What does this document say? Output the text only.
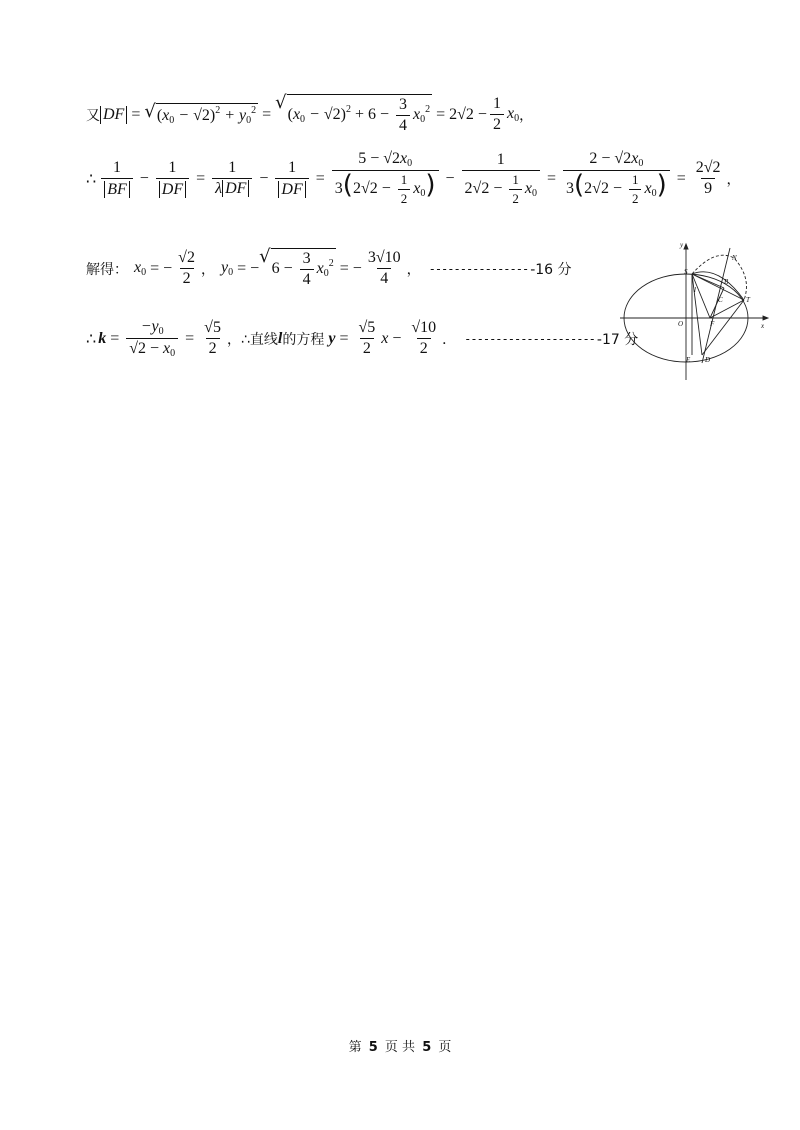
又 DF = √ $(x_0 - √2)^2 + y_0^2$ =
√
$(x_0 - √2)^2 + 6 - \frac{3}{4} x_0^2 = 2√2 - \frac{1}{2} x_0$ ，
∴
1
BF
− $\frac{1}{DF}$ =
1
λ DF
− $\frac{1}{DF} = \frac{5 - √2x_0}{3(2√2 - \frac{1}{2} x_0)} - \frac{1}{2√2 - \frac{1}{2} x_0} = \frac{2 - √2x_0}{3(2√2 - \frac{1}{2} x_0)} = \frac{2√2}{9}$ ，
解得： $x_0$ = − $\frac{√2}{2}$ ， $y_0$ = −
√
$6 - \frac{3}{4} x_0^2$ = − $\frac{3√10}{4}$ ， ---------------- -16 分
∴ $k = \frac{-y_0}{√2 - x_0} = \frac{√5}{2}$ ，∴直线 l 的方程 $y = \frac{√5}{2}$ $x - \frac{√10}{2}$ ． --------------------- -17 分
y
x
O
S
N
B
C	T
F
E D
l
第 5 页 共 5 页
